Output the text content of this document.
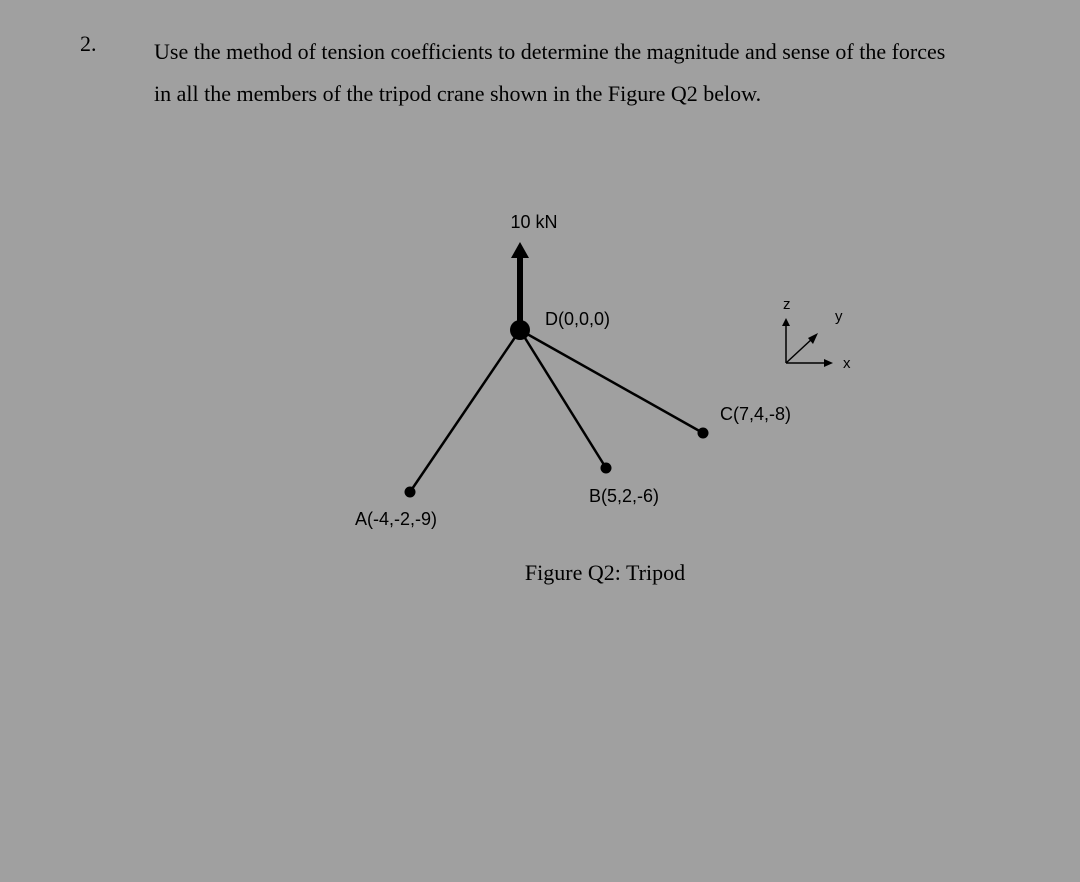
2.	Use the method of tension coefficients to determine the magnitude and sense of the forces
in all the members of the tripod crane shown in the Figure Q2 below.

10 kN
D(0,0,0)
A(-4,-2,-9)
B(5,2,-6)
C(7,4,-8)
z
y
x
Figure Q2: Tripod
